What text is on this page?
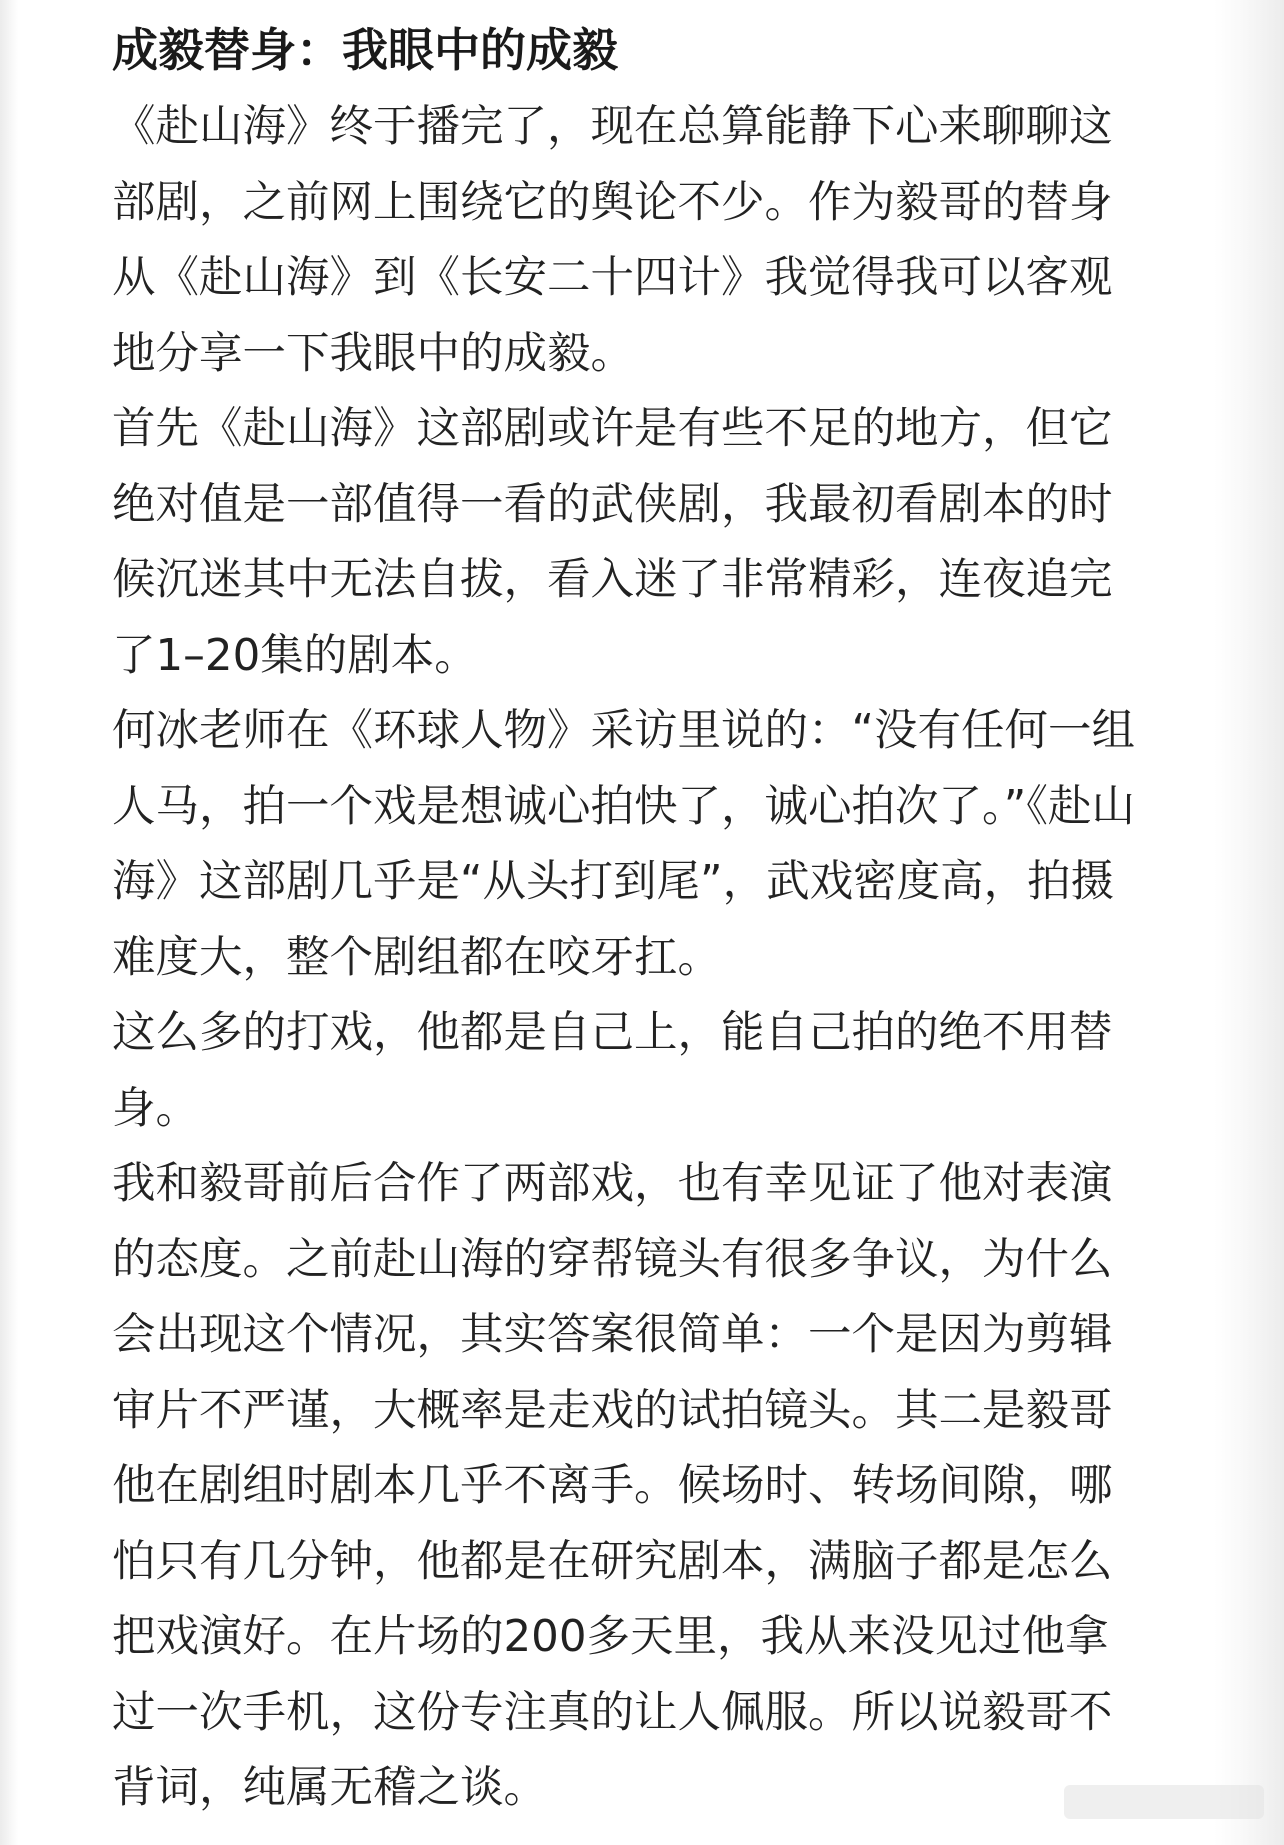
成毅替身：我眼中的成毅

《赴山海》终于播完了，现在总算能静下心来聊聊这部剧，之前网上围绕它的舆论不少。作为毅哥的替身从《赴山海》到《长安二十四计》我觉得我可以客观地分享一下我眼中的成毅。

首先《赴山海》这部剧或许是有些不足的地方，但它绝对值是一部值得一看的武侠剧，我最初看剧本的时候沉迷其中无法自拔，看入迷了非常精彩，连夜追完了1–20集的剧本。

何冰老师在《环球人物》采访里说的：“没有任何一组人马，拍一个戏是想诚心拍快了，诚心拍次了。”《赴山海》这部剧几乎是“从头打到尾”，武戏密度高，拍摄难度大，整个剧组都在咬牙扛。

这么多的打戏，他都是自己上，能自己拍的绝不用替身。

我和毅哥前后合作了两部戏，也有幸见证了他对表演的态度。之前赴山海的穿帮镜头有很多争议，为什么会出现这个情况，其实答案很简单：一个是因为剪辑审片不严谨，大概率是走戏的试拍镜头。其二是毅哥他在剧组时剧本几乎不离手。候场时、转场间隙，哪怕只有几分钟，他都是在研究剧本，满脑子都是怎么把戏演好。在片场的200多天里，我从来没见过他拿过一次手机，这份专注真的让人佩服。所以说毅哥不背词，纯属无稽之谈。
